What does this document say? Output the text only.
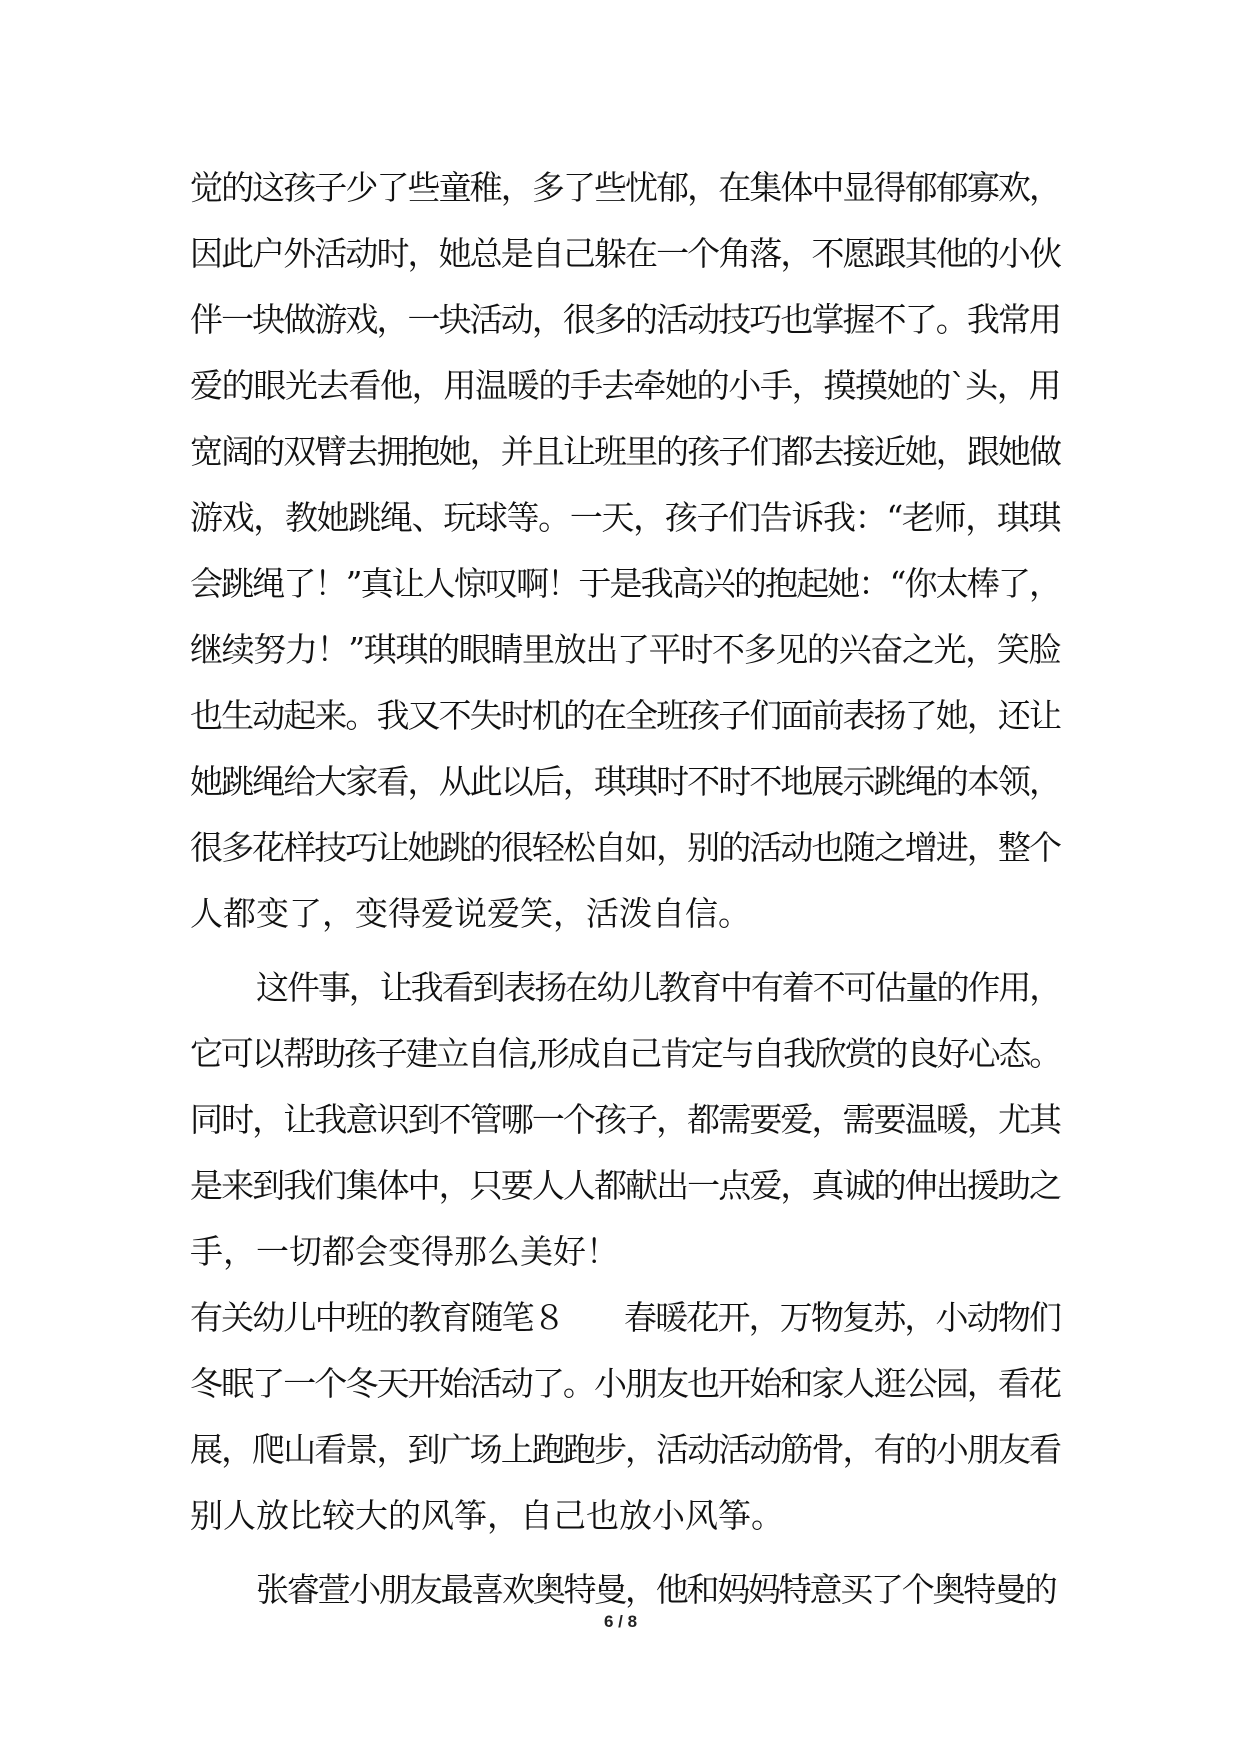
觉的这孩子少了些童稚，多了些忧郁，在集体中显得郁郁寡欢，
因此户外活动时，她总是自己躲在一个角落，不愿跟其他的小伙
伴一块做游戏，一块活动，很多的活动技巧也掌握不了。我常用
爱的眼光去看他，用温暖的手去牵她的小手，摸摸她的`头，用
宽阔的双臂去拥抱她，并且让班里的孩子们都去接近她，跟她做
游戏，教她跳绳、玩球等。一天，孩子们告诉我：“老师，琪琪
会跳绳了！”真让人惊叹啊！于是我高兴的抱起她：“你太棒了，
继续努力！”琪琪的眼睛里放出了平时不多见的兴奋之光，笑脸
也生动起来。我又不失时机的在全班孩子们面前表扬了她，还让
她跳绳给大家看，从此以后，琪琪时不时不地展示跳绳的本领，
很多花样技巧让她跳的很轻松自如，别的活动也随之增进，整个
人都变了，变得爱说爱笑，活泼自信。
这件事，让我看到表扬在幼儿教育中有着不可估量的作用，
它可以帮助孩子建立自信,形成自己肯定与自我欣赏的良好心态。
同时，让我意识到不管哪一个孩子，都需要爱，需要温暖，尤其
是来到我们集体中，只要人人都献出一点爱，真诚的伸出援助之
手，一切都会变得那么美好！
有关幼儿中班的教育随笔８ 春暖花开，万物复苏，小动物们
冬眠了一个冬天开始活动了。小朋友也开始和家人逛公园，看花
展，爬山看景，到广场上跑跑步，活动活动筋骨，有的小朋友看
别人放比较大的风筝，自己也放小风筝。
张睿萱小朋友最喜欢奥特曼，他和妈妈特意买了个奥特曼的
6 / 8
